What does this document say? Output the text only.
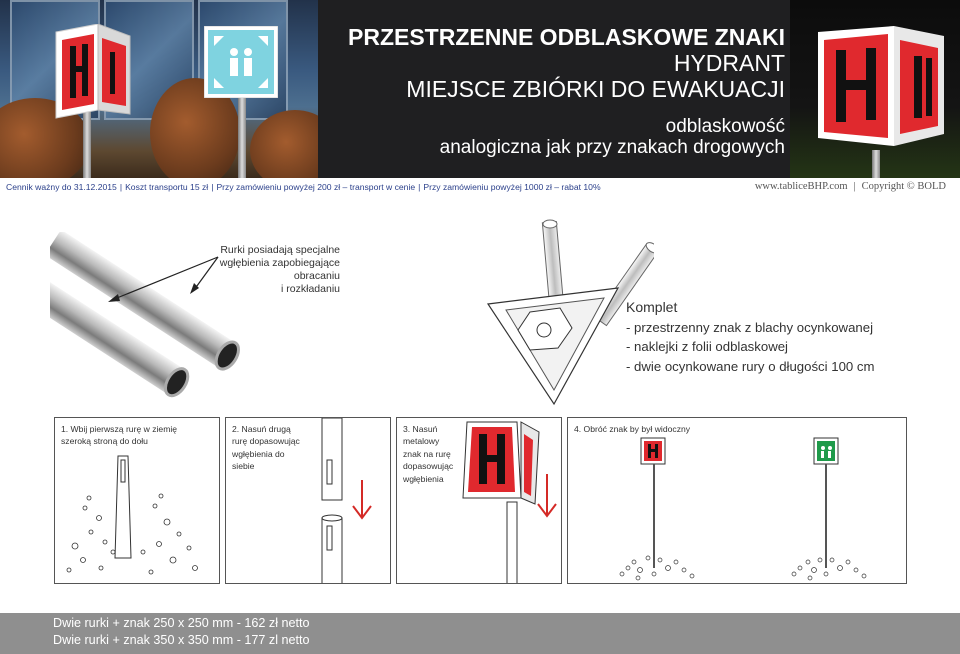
PRZESTRZENNE ODBLASKOWE ZNAKI
HYDRANT
MIEJSCE ZBIÓRKI DO EWAKUACJI
odblaskowość
analogiczna jak przy znakach drogowych
Cennik ważny do 31.12.2015 | Koszt transportu 15 zł | Przy zamówieniu powyżej 200 zł – transport w cenie | Przy zamówieniu powyżej 1000 zł – rabat 10%	www.tabliceBHP.com | Copyright © BOLD
Rurki posiadają specjalne
wgłębienia zapobiegające
obracaniu
i rozkładaniu
Komplet
- przestrzenny znak z blachy ocynkowanej
- naklejki z folii odblaskowej
- dwie ocynkowane rury o długości 100 cm
1. Wbij pierwszą rurę w ziemię
szeroką stroną do dołu
2. Nasuń drugą
rurę dopasowując
wgłębienia do
siebie
3. Nasuń
metalowy
znak na rurę
dopasowując
wgłębienia
4. Obróć znak by był widoczny
Dwie rurki + znak 250 x 250 mm - 162 zł netto
Dwie rurki + znak 350 x 350 mm - 177 zl netto
